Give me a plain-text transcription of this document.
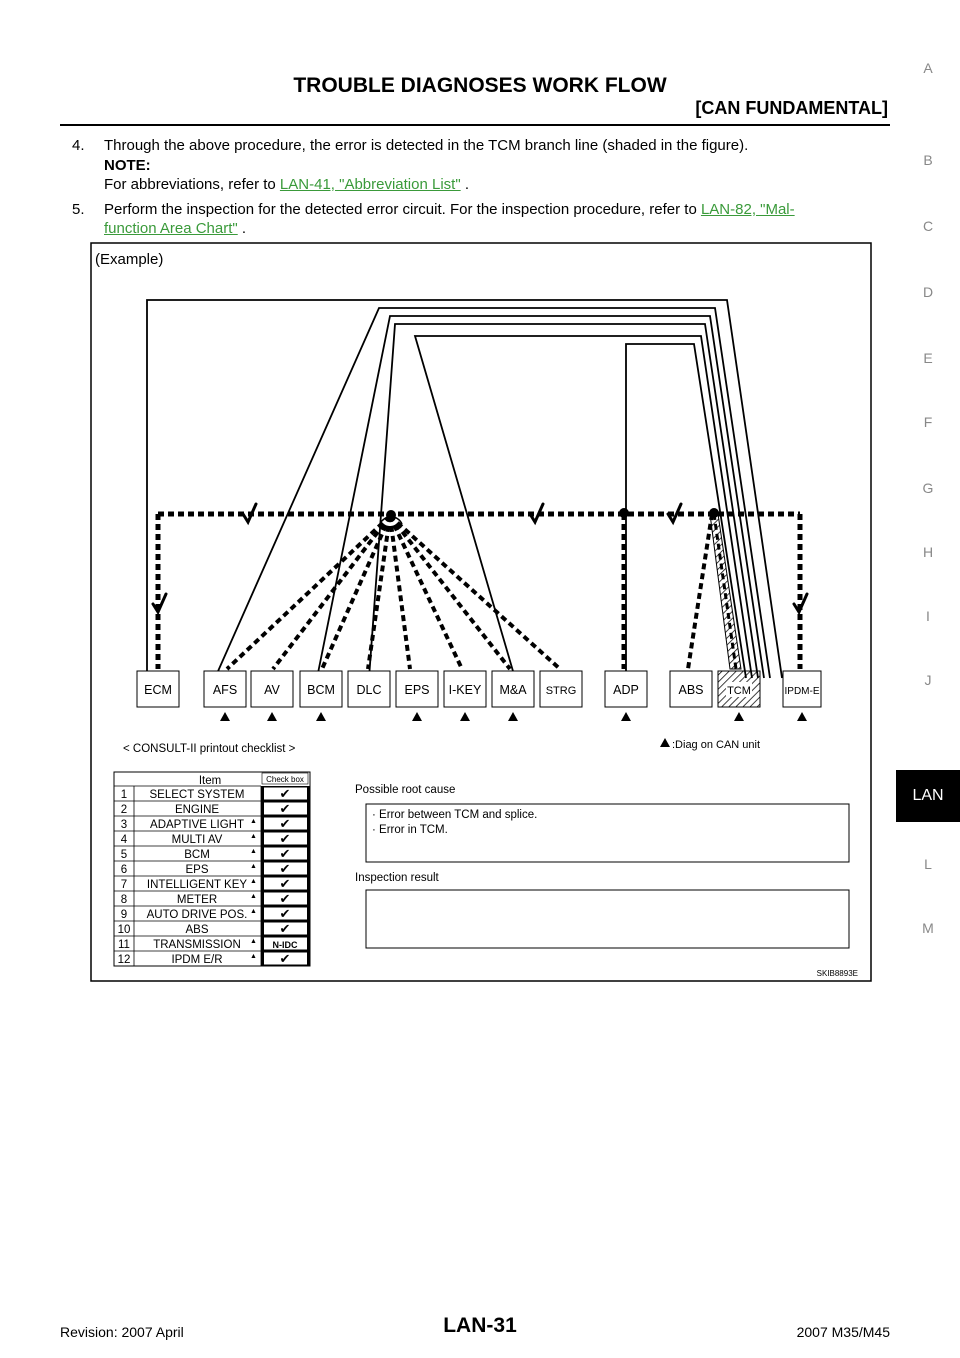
TROUBLE DIAGNOSES WORK FLOW
[CAN FUNDAMENTAL]
4. Through the above procedure, the error is detected in the TCM branch line (shaded in the figure).
NOTE:
For abbreviations, refer to LAN-41, "Abbreviation List" .
5. Perform the inspection for the detected error circuit. For the inspection procedure, refer to LAN-82, "Mal-
function Area Chart" .
A
B
C
D
E
F
G
H
I
J
LAN
L
M
(Example)
ECM	AFS AV BCM DLC EPS I-KEY M&A STRG	ADP	ABS TCM	IPDM-E
:Diag on CAN unit
< CONSULT-II printout checklist >
Item	Check box
1 SELECT SYSTEM	✔
2	ENGINE	✔
3 ADAPTIVE LIGHT ▲ ✔
4	MULTI AV	▲ ✔
5	BCM	▲ ✔
6	EPS	▲ ✔
7 INTELLIGENT KEY ▲ ✔
8	METER	▲ ✔
9 AUTO DRIVE POS. ▲ ✔
10	ABS	✔
11 TRANSMISSION ▲ N-IDC
12	IPDM E/R	▲ ✔
Possible root cause
· Error between TCM and splice.
· Error in TCM.
Inspection result
SKIB8893E
Revision: 2007 April	LAN-31	2007 M35/M45
